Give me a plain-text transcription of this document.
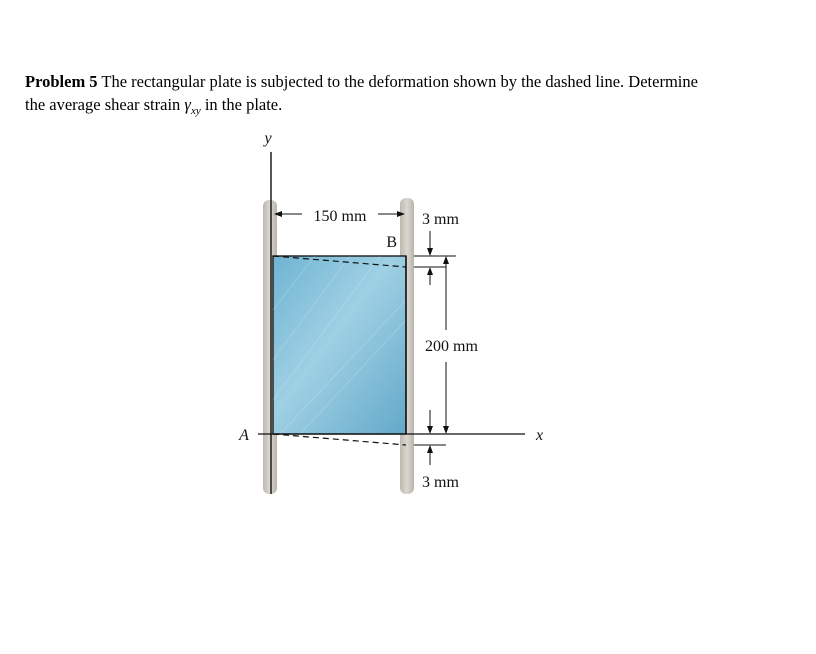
Problem 5 The rectangular plate is subjected to the deformation shown by the dashed line. Determine
the average shear strain $\gamma_{xy}$ in the plate.
150 mm
B
3 mm
200 mm
3 mm
y
x
A
